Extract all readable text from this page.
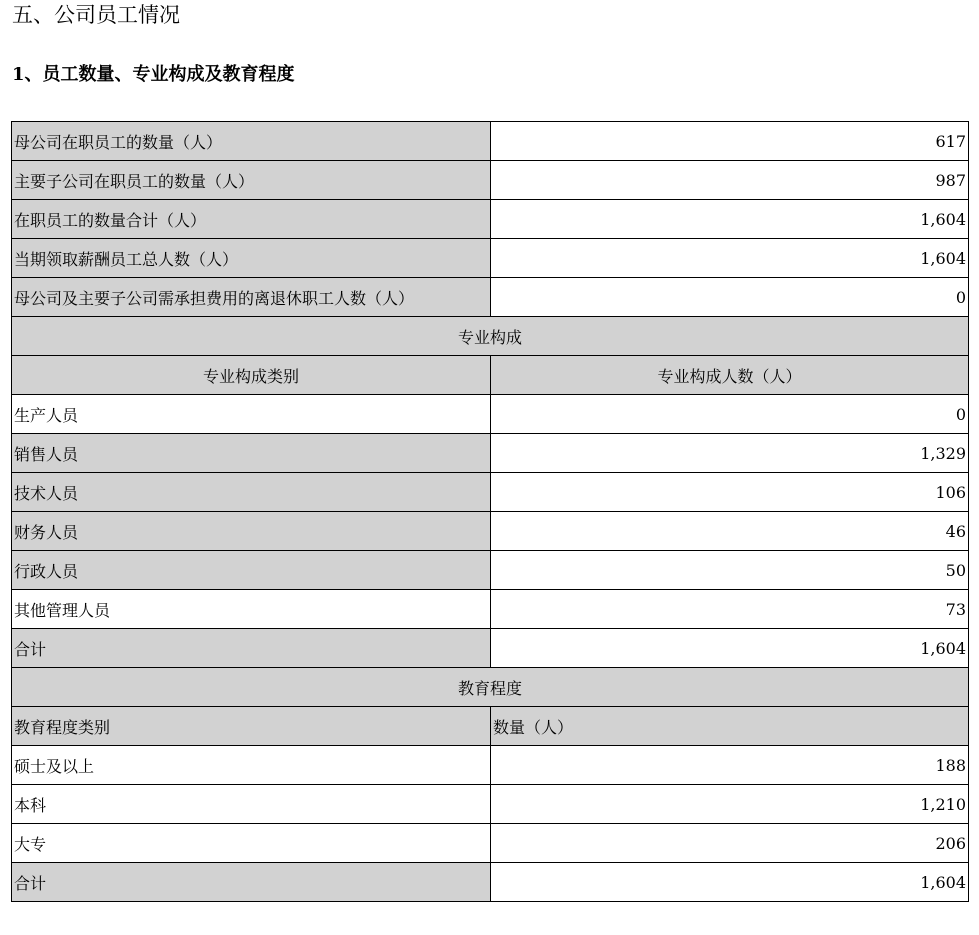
五、公司员工情况
1、员工数量、专业构成及教育程度
母公司在职员工的数量（人）	617
主要子公司在职员工的数量（人）	987
在职员工的数量合计（人）	1,604
当期领取薪酬员工总人数（人）	1,604
母公司及主要子公司需承担费用的离退休职工人数（人）	0
专业构成	
专业构成类别	专业构成人数（人）
生产人员	0
销售人员	1,329
技术人员	106
财务人员	46
行政人员	50
其他管理人员	73
合计	1,604
教育程度	
教育程度类别	数量（人）
硕士及以上	188
本科	1,210
大专	206
合计	1,604
